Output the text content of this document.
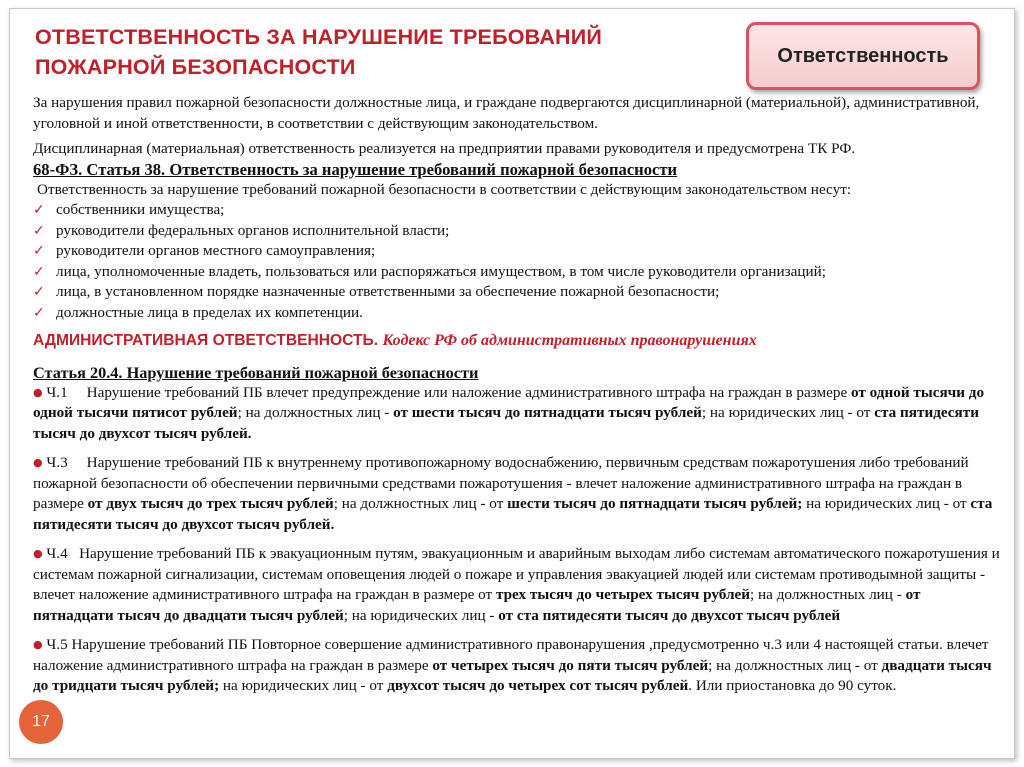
ОТВЕТСТВЕННОСТЬ ЗА НАРУШЕНИЕ ТРЕБОВАНИЙ ПОЖАРНОЙ БЕЗОПАСНОСТИ	Ответственность

За нарушения правил пожарной безопасности должностные лица, и граждане подвергаются дисциплинарной (материальной), административной, уголовной и иной ответственности, в соответствии с действующим законодательством.

Дисциплинарная (материальная) ответственность реализуется на предприятии правами руководителя и предусмотрена ТК РФ.

68-ФЗ. Статья 38. Ответственность за нарушение требований пожарной безопасности

Ответственность за нарушение требований пожарной безопасности в соответствии с действующим законодательством несут:

✓ собственники имущества;
✓ руководители федеральных органов исполнительной власти;
✓ руководители органов местного самоуправления;
✓ лица, уполномоченные владеть, пользоваться или распоряжаться имуществом, в том числе руководители организаций;
✓ лица, в установленном порядке назначенные ответственными за обеспечение пожарной безопасности;
✓ должностные лица в пределах их компетенции.

АДМИНИСТРАТИВНАЯ ОТВЕТСТВЕННОСТЬ. Кодекс РФ об административных правонарушениях

Статья 20.4. Нарушение требований пожарной безопасности

● Ч.1 Нарушение требований ПБ влечет предупреждение или наложение административного штрафа на граждан в размере от одной тысячи до одной тысячи пятисот рублей; на должностных лиц - от шести тысяч до пятнадцати тысяч рублей; на юридических лиц - от ста пятидесяти тысяч до двухсот тысяч рублей.

● Ч.3 Нарушение требований ПБ к внутреннему противопожарному водоснабжению, первичным средствам пожаротушения либо требований пожарной безопасности об обеспечении первичными средствами пожаротушения - влечет наложение административного штрафа на граждан в размере от двух тысяч до трех тысяч рублей; на должностных лиц - от шести тысяч до пятнадцати тысяч рублей; на юридических лиц - от ста пятидесяти тысяч до двухсот тысяч рублей.

● Ч.4 Нарушение требований ПБ к эвакуационным путям, эвакуационным и аварийным выходам либо системам автоматического пожаротушения и системам пожарной сигнализации, системам оповещения людей о пожаре и управления эвакуацией людей или системам противодымной защиты - влечет наложение административного штрафа на граждан в размере от трех тысяч до четырех тысяч рублей; на должностных лиц - от пятнадцати тысяч до двадцати тысяч рублей; на юридических лиц - от ста пятидесяти тысяч до двухсот тысяч рублей

● Ч.5 Нарушение требований ПБ Повторное совершение административного правонарушения ,предусмотренно ч.3 или 4 настоящей статьи. влечет наложение административного штрафа на граждан в размере от четырех тысяч до пяти тысяч рублей; на должностных лиц - от двадцати тысяч до тридцати тысяч рублей; на юридических лиц - от двухсот тысяч до четырех сот тысяч рублей. Или приостановка до 90 суток.

17
